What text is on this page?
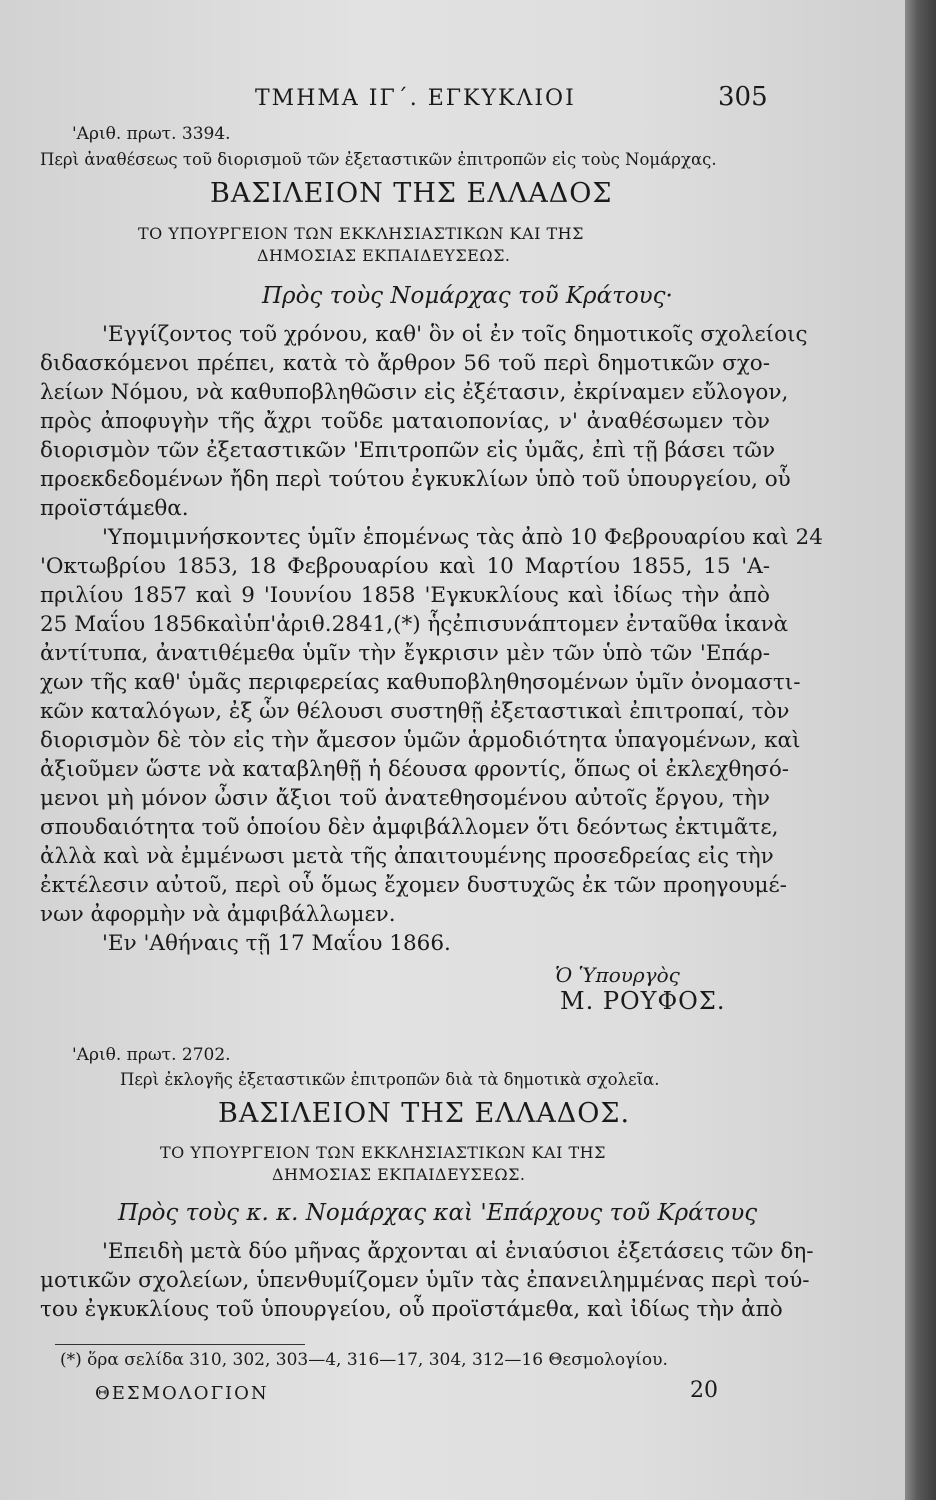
ΤΜΗΜΑ ΙΓ΄. ΕΓΚΥΚΛΙΟΙ	305
'Αριθ. πρωτ. 3394.
Περὶ ἀναθέσεως τοῦ διορισμοῦ τῶν ἐξεταστικῶν ἐπιτροπῶν εἰς τοὺς Νομάρχας.
ΒΑΣΙΛΕΙΟΝ ΤΗΣ ΕΛΛΑΔΟΣ
ΤΟ ΥΠΟΥΡΓΕΙΟΝ ΤΩΝ ΕΚΚΛΗΣΙΑΣΤΙΚΩΝ ΚΑΙ ΤΗΣ
ΔΗΜΟΣΙΑΣ ΕΚΠΑΙΔΕΥΣΕΩΣ.
Πρὸς τοὺς Νομάρχας τοῦ Κράτους·
'Εγγίζοντος τοῦ χρόνου, καθ' ὃν οἱ ἐν τοῖς δημοτικοῖς σχολείοις
διδασκόμενοι πρέπει, κατὰ τὸ ἄρθρον 56 τοῦ περὶ δημοτικῶν σχο-
λείων Νόμου, νὰ καθυποβληθῶσιν εἰς ἐξέτασιν, ἐκρίναμεν εὔλογον,
πρὸς ἀποφυγὴν τῆς ἄχρι τοῦδε ματαιοπονίας, ν' ἀναθέσωμεν τὸν
διορισμὸν τῶν ἐξεταστικῶν 'Επιτροπῶν εἰς ὑμᾶς, ἐπὶ τῇ βάσει τῶν
προεκδεδομένων ἤδη περὶ τούτου ἐγκυκλίων ὑπὸ τοῦ ὑπουργείου, οὗ
προϊστάμεθα.
'Υπομιμνήσκοντες ὑμῖν ἑπομένως τὰς ἀπὸ 10 Φεβρουαρίου καὶ 24
'Οκτωβρίου 1853, 18 Φεβρουαρίου καὶ 10 Μαρτίου 1855, 15 'Α-
πριλίου 1857 καὶ 9 'Ιουνίου 1858 'Εγκυκλίους καὶ ἰδίως τὴν ἀπὸ
25 Μαΐου 1856καὶὑπ'ἀριθ.2841,(*) ἧςἐπισυνάπτομεν ἐνταῦθα ἱκανὰ
ἀντίτυπα, ἀνατιθέμεθα ὑμῖν τὴν ἔγκρισιν μὲν τῶν ὑπὸ τῶν 'Επάρ-
χων τῆς καθ' ὑμᾶς περιφερείας καθυποβληθησομένων ὑμῖν ὀνομαστι-
κῶν καταλόγων, ἐξ ὧν θέλουσι συστηθῇ ἐξεταστικαὶ ἐπιτροπαί, τὸν
διορισμὸν δὲ τὸν εἰς τὴν ἄμεσον ὑμῶν ἁρμοδιότητα ὑπαγομένων, καὶ
ἀξιοῦμεν ὥστε νὰ καταβληθῇ ἡ δέουσα φροντίς, ὅπως οἱ ἐκλεχθησό-
μενοι μὴ μόνον ὦσιν ἄξιοι τοῦ ἀνατεθησομένου αὐτοῖς ἔργου, τὴν
σπουδαιότητα τοῦ ὁποίου δὲν ἀμφιβάλλομεν ὅτι δεόντως ἐκτιμᾶτε,
ἀλλὰ καὶ νὰ ἐμμένωσι μετὰ τῆς ἀπαιτουμένης προσεδρείας εἰς τὴν
ἐκτέλεσιν αὐτοῦ, περὶ οὗ ὅμως ἔχομεν δυστυχῶς ἐκ τῶν προηγουμέ-
νων ἀφορμὴν νὰ ἀμφιβάλλωμεν.
'Εν 'Αθήναις τῇ 17 Μαΐου 1866.
Ὁ Ὑπουργὸς
Μ. ΡΟΥΦΟΣ.
'Αριθ. πρωτ. 2702.
Περὶ ἐκλογῆς ἐξεταστικῶν ἐπιτροπῶν διὰ τὰ δημοτικὰ σχολεῖα.
ΒΑΣΙΛΕΙΟΝ ΤΗΣ ΕΛΛΑΔΟΣ.
ΤΟ ΥΠΟΥΡΓΕΙΟΝ ΤΩΝ ΕΚΚΛΗΣΙΑΣΤΙΚΩΝ ΚΑΙ ΤΗΣ
ΔΗΜΟΣΙΑΣ ΕΚΠΑΙΔΕΥΣΕΩΣ.
Πρὸς τοὺς κ. κ. Νομάρχας καὶ 'Επάρχους τοῦ Κράτους
'Επειδὴ μετὰ δύο μῆνας ἄρχονται αἱ ἐνιαύσιοι ἐξετάσεις τῶν δη-
μοτικῶν σχολείων, ὑπενθυμίζομεν ὑμῖν τὰς ἐπανειλημμένας περὶ τού-
του ἐγκυκλίους τοῦ ὑπουργείου, οὗ προϊστάμεθα, καὶ ἰδίως τὴν ἀπὸ
(*) ὅρα σελίδα 310, 302, 303—4, 316—17, 304, 312—16 Θεσμολογίου.
ΘΕΣΜΟΛΟΓΙΟΝ	20
